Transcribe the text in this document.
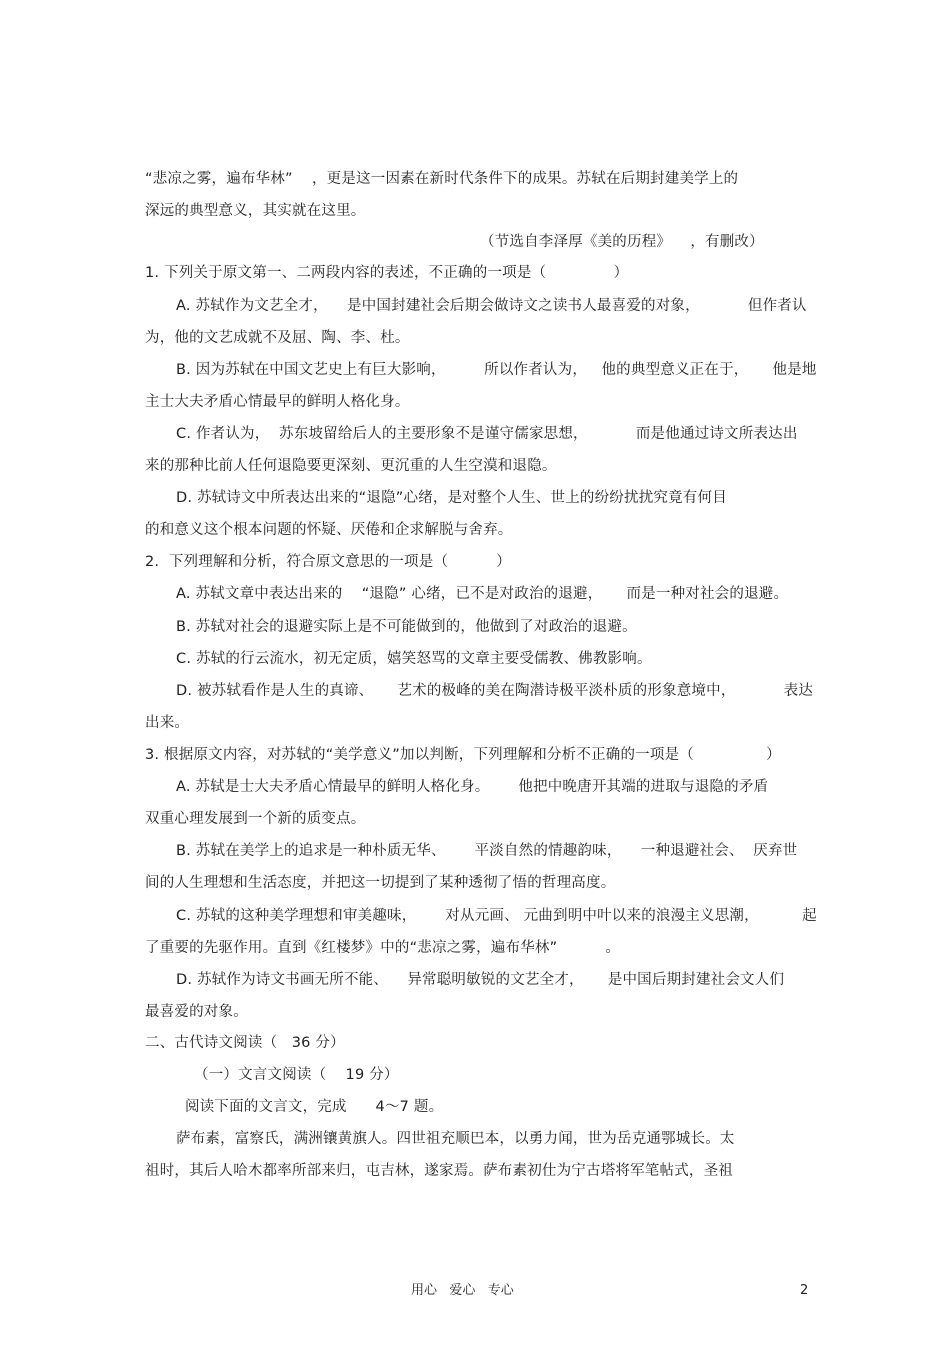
“悲凉之雾，遍布华林”    ，更是这一因素在新时代条件下的成果。苏轼在后期封建美学上的
深远的典型意义，其实就在这里。
（节选自李泽厚《美的历程》    ，有删改）
1. 下列关于原文第一、二两段内容的表述，不正确的一项是（              ）
A. 苏轼作为文艺全才，    是中国封建社会后期会做诗文之读书人最喜爱的对象，          但作者认
为，他的文艺成就不及屈、陶、李、杜。
B. 因为苏轼在中国文艺史上有巨大影响，        所以作者认为，   他的典型意义正在于，     他是地
主士大夫矛盾心情最早的鲜明人格化身。
C. 作者认为，  苏东坡留给后人的主要形象不是谨守儒家思想，          而是他通过诗文所表达出
来的那种比前人任何退隐要更深刻、更沉重的人生空漠和退隐。
D. 苏轼诗文中所表达出来的“退隐”心绪，是对整个人生、世上的纷纷扰扰究竟有何目
的和意义这个根本问题的怀疑、厌倦和企求解脱与舍弃。
2.  下列理解和分析，符合原文意思的一项是（          ）
A. 苏轼文章中表达出来的    “退隐” 心绪，已不是对政治的退避，     而是一种对社会的退避。
B. 苏轼对社会的退避实际上是不可能做到的，他做到了对政治的退避。
C. 苏轼的行云流水，初无定质，嬉笑怒骂的文章主要受儒教、佛教影响。
D. 被苏轼看作是人生的真谛、     艺术的极峰的美在陶潜诗极平淡朴质的形象意境中，          表达
出来。
3. 根据原文内容，对苏轼的“美学意义”加以判断，下列理解和分析不正确的一项是（               ）
A. 苏轼是士大夫矛盾心情最早的鲜明人格化身。      他把中晚唐开其端的进取与退隐的矛盾
双重心理发展到一个新的质变点。
B. 苏轼在美学上的追求是一种朴质无华、      平淡自然的情趣韵味，    一种退避社会、  厌弃世
间的人生理想和生活态度，并把这一切提到了某种透彻了悟的哲理高度。
C. 苏轼的这种美学理想和审美趣味，      对从元画、 元曲到明中叶以来的浪漫主义思潮，         起
了重要的先驱作用。直到《红楼梦》中的“悲凉之雾，遍布华林”          。
D. 苏轼作为诗文书画无所不能、    异常聪明敏锐的文艺全才，     是中国后期封建社会文人们
最喜爱的对象。
二、古代诗文阅读（   36 分）
（一）文言文阅读（    19 分）
阅读下面的文言文，完成      4～7 题。
萨布素，富察氏，满洲镶黄旗人。四世祖充顺巴本，以勇力闻，世为岳克通鄂城长。太
祖时，其后人哈木都率所部来归，屯吉林，遂家焉。萨布素初仕为宁古塔将军笔帖式，圣祖
用心   爱心   专心	2
